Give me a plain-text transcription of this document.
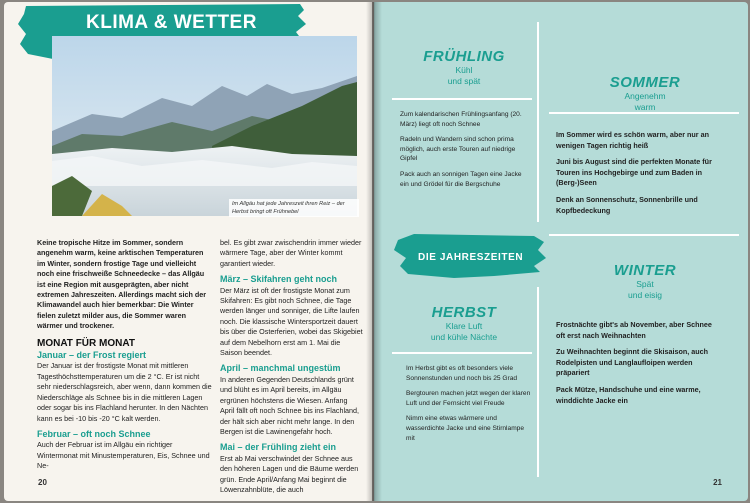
KLIMA & WETTER
Im Allgäu hat jede Jahreszeit ihren Reiz – der Herbst bringt oft Frühnebel
Keine tropische Hitze im Sommer, sondern angenehm warm, keine arktischen Temperaturen im Winter, sondern frostige Tage und vielleicht noch eine frischweiße Schneedecke – das Allgäu ist eine Region mit ausgeprägten, aber nicht extremen Jahreszeiten. Allerdings macht sich der Klimawandel auch hier bemerkbar: Die Winter fielen zuletzt milder aus, die Sommer waren wärmer und trockener.
MONAT FÜR MONAT
Januar – der Frost regiert
Der Januar ist der frostigste Monat mit mittleren Tagesthöchsttemperaturen um die 2 °C. Er ist nicht sehr niederschlagsreich, aber wenn, dann kommen die Niederschläge als Schnee bis in die mittleren Lagen oder sogar bis ins Flachland herunter. In den Nächten kann es bei -10 bis -20 °C kalt werden.
Februar – oft noch Schnee
Auch der Februar ist im Allgäu ein richtiger Wintermonat mit Minustemperaturen, Eis, Schnee und Ne-
bel. Es gibt zwar zwischendrin immer wieder wärmere Tage, aber der Winter kommt garantiert wieder.
März – Skifahren geht noch
Der März ist oft der frostigste Monat zum Skifahren: Es gibt noch Schnee, die Tage werden länger und sonniger, die Lifte laufen noch. Die klassische Wintersportzeit dauert bis über die Osterferien, wobei das Skigebiet auf dem Nebelhorn erst am 1. Mai die Saison beendet.
April – manchmal ungestüm
In anderen Gegenden Deutschlands grünt und blüht es im April bereits, im Allgäu ergrünen höchstens die Wiesen. Anfang April fällt oft noch Schnee bis ins Flachland, der hält sich aber nicht mehr lange. In den Bergen ist die Lawinengefahr hoch.
Mai – der Frühling zieht ein
Erst ab Mai verschwindet der Schnee aus den höheren Lagen und die Bäume werden grün. Ende April/Anfang Mai beginnt die Löwenzahnblüte, die auch
20
FRÜHLING
Kühl
und spät
Zum kalendarischen Frühlingsanfang (20. März) liegt oft noch Schnee
Radeln und Wandern sind schon prima möglich, auch erste Touren auf niedrige Gipfel
Pack auch an sonnigen Tagen eine Jacke ein und Grödel für die Bergschuhe
SOMMER
Angenehm
warm
Im Sommer wird es schön warm, aber nur an wenigen Tagen richtig heiß
Juni bis August sind die perfekten Monate für Touren ins Hochgebirge und zum Baden in (Berg-)Seen
Denk an Sonnenschutz, Sonnenbrille und Kopfbedeckung
DIE JAHRESZEITEN
HERBST
Klare Luft
und kühle Nächte
Im Herbst gibt es oft besonders viele Sonnenstunden und noch bis 25 Grad
Bergtouren machen jetzt wegen der klaren Luft und der Fernsicht viel Freude
Nimm eine etwas wärmere und wasserdichte Jacke und eine Stirnlampe mit
WINTER
Spät
und eisig
Frostnächte gibt's ab November, aber Schnee oft erst nach Weihnachten
Zu Weihnachten beginnt die Skisaison, auch Rodelpisten und Langlaufloipen werden präpariert
Pack Mütze, Handschuhe und eine warme, winddichte Jacke ein
21
